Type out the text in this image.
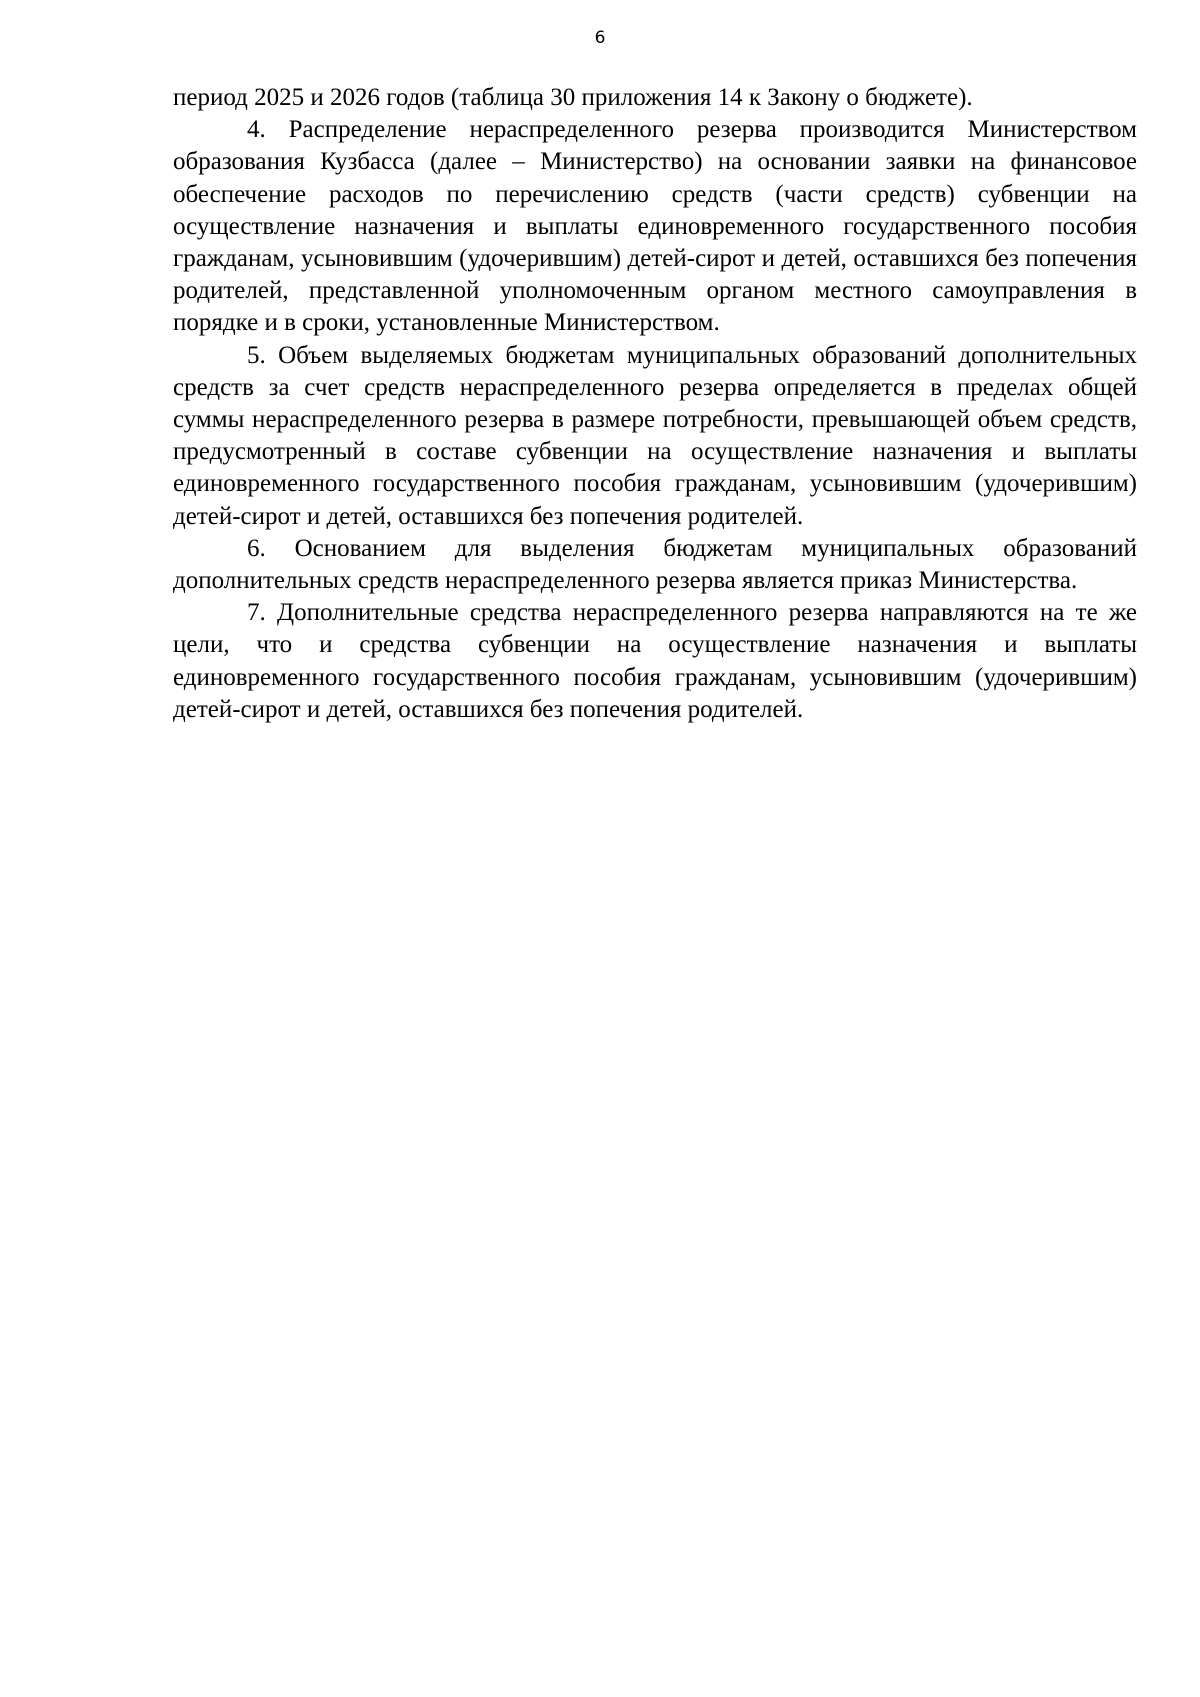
6

период 2025 и 2026 годов (таблица 30 приложения 14 к Закону о бюджете).

4. Распределение нераспределенного резерва производится Министерством образования Кузбасса (далее – Министерство) на основании заявки на финансовое обеспечение расходов по перечислению средств (части средств) субвенции на осуществление назначения и выплаты единовременного государственного пособия гражданам, усыновившим (удочерившим) детей-сирот и детей, оставшихся без попечения родителей, представленной уполномоченным органом местного самоуправления в порядке и в сроки, установленные Министерством.

5. Объем выделяемых бюджетам муниципальных образований дополнительных средств за счет средств нераспределенного резерва определяется в пределах общей суммы нераспределенного резерва в размере потребности, превышающей объем средств, предусмотренный в составе субвенции на осуществление назначения и выплаты единовременного государственного пособия гражданам, усыновившим (удочерившим) детей-сирот и детей, оставшихся без попечения родителей.

6. Основанием для выделения бюджетам муниципальных образований дополнительных средств нераспределенного резерва является приказ Министерства.

7. Дополнительные средства нераспределенного резерва направляются на те же цели, что и средства субвенции на осуществление назначения и выплаты единовременного государственного пособия гражданам, усыновившим (удочерившим) детей-сирот и детей, оставшихся без попечения родителей.
